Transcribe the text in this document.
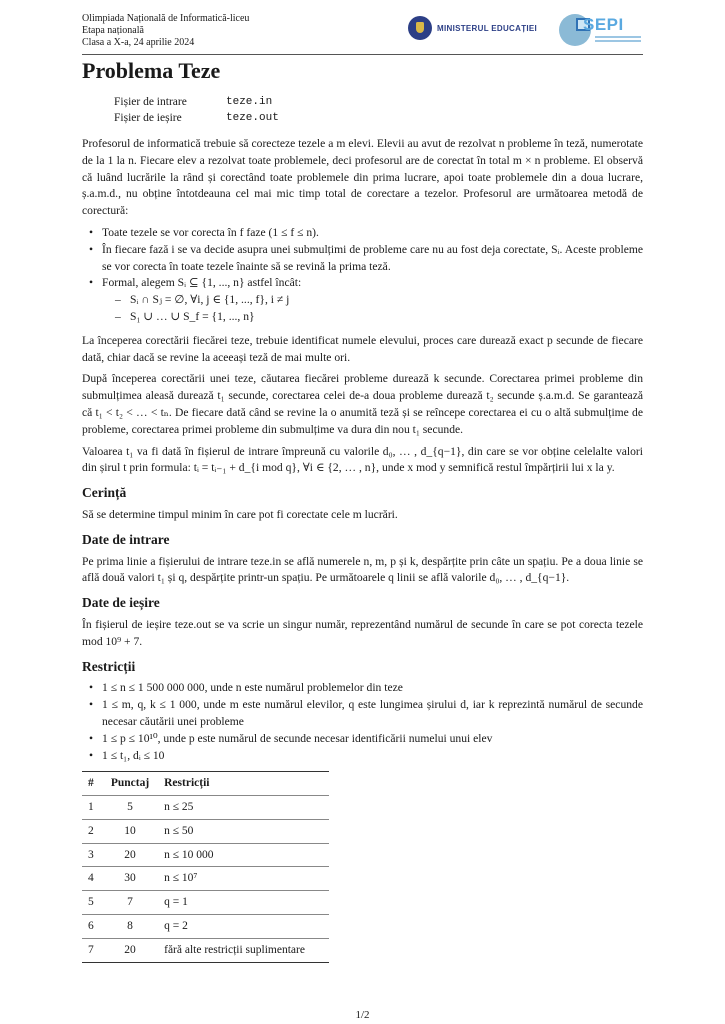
Olimpiada Națională de Informatică-liceu
Etapa națională
Clasa a X-a, 24 aprilie 2024
MINISTERUL EDUCAȚIEI	SEPI
Problema Teze
Fișier de intrare	teze.in
Fișier de ieșire	teze.out

Profesorul de informatică trebuie să corecteze tezele a m elevi. Elevii au avut de rezolvat n probleme în teză, numerotate de la 1 la n. Fiecare elev a rezolvat toate problemele, deci profesorul are de corectat în total m × n probleme. El observă că luând lucrările la rând și corectând toate problemele din prima lucrare, apoi toate problemele din a doua lucrare, ș.a.m.d., nu obține întotdeauna cel mai mic timp total de corectare a tezelor. Profesorul are următoarea metodă de corectură:

• Toate tezele se vor corecta în f faze (1 ≤ f ≤ n).
• În fiecare fază i se va decide asupra unei submulțimi de probleme care nu au fost deja corectate, Sᵢ. Aceste probleme se vor corecta în toate tezele înainte să se revină la prima teză.
• Formal, alegem Sᵢ ⊆ {1, ..., n} astfel încât:
– Sᵢ ∩ Sⱼ = ∅, ∀i, j ∈ {1, ..., f}, i ≠ j
– S₁ ∪ … ∪ S_f = {1, ..., n}

La începerea corectării fiecărei teze, trebuie identificat numele elevului, proces care durează exact p secunde de fiecare dată, chiar dacă se revine la aceeași teză de mai multe ori.

După începerea corectării unei teze, căutarea fiecărei probleme durează k secunde. Corectarea primei probleme din submulțimea aleasă durează t₁ secunde, corectarea celei de-a doua probleme durează t₂ secunde ș.a.m.d. Se garantează că t₁ < t₂ < … < tₙ. De fiecare dată când se revine la o anumită teză și se reîncepe corectarea ei cu o altă submulțime de probleme, corectarea primei probleme din submulțime va dura din nou t₁ secunde.

Valoarea t₁ va fi dată în fișierul de intrare împreună cu valorile d₀, … , d_{q−1}, din care se vor obține celelalte valori din șirul t prin formula: tᵢ = tᵢ₋₁ + d_{i mod q}, ∀i ∈ {2, … , n}, unde x mod y semnifică restul împărțirii lui x la y.

Cerință

Să se determine timpul minim în care pot fi corectate cele m lucrări.

Date de intrare

Pe prima linie a fișierului de intrare teze.in se află numerele n, m, p și k, despărțite prin câte un spațiu. Pe a doua linie se află două valori t₁ și q, despărțite printr-un spațiu. Pe următoarele q linii se află valorile d₀, … , d_{q−1}.

Date de ieșire

În fișierul de ieșire teze.out se va scrie un singur număr, reprezentând numărul de secunde în care se pot corecta tezele mod 10⁹ + 7.

Restricții
• 1 ≤ n ≤ 1 500 000 000, unde n este numărul problemelor din teze
• 1 ≤ m, q, k ≤ 1 000, unde m este numărul elevilor, q este lungimea șirului d, iar k reprezintă numărul de secunde necesar căutării unei probleme
• 1 ≤ p ≤ 10¹⁰, unde p este numărul de secunde necesar identificării numelui unui elev
• 1 ≤ t₁, dᵢ ≤ 10
#	Punctaj	Restricții
1	5	n ≤ 25
2	10	n ≤ 50
3	20	n ≤ 10 000
4	30	n ≤ 10⁷
5	7	q = 1
6	8	q = 2
7	20	fără alte restricții suplimentare
1/2
